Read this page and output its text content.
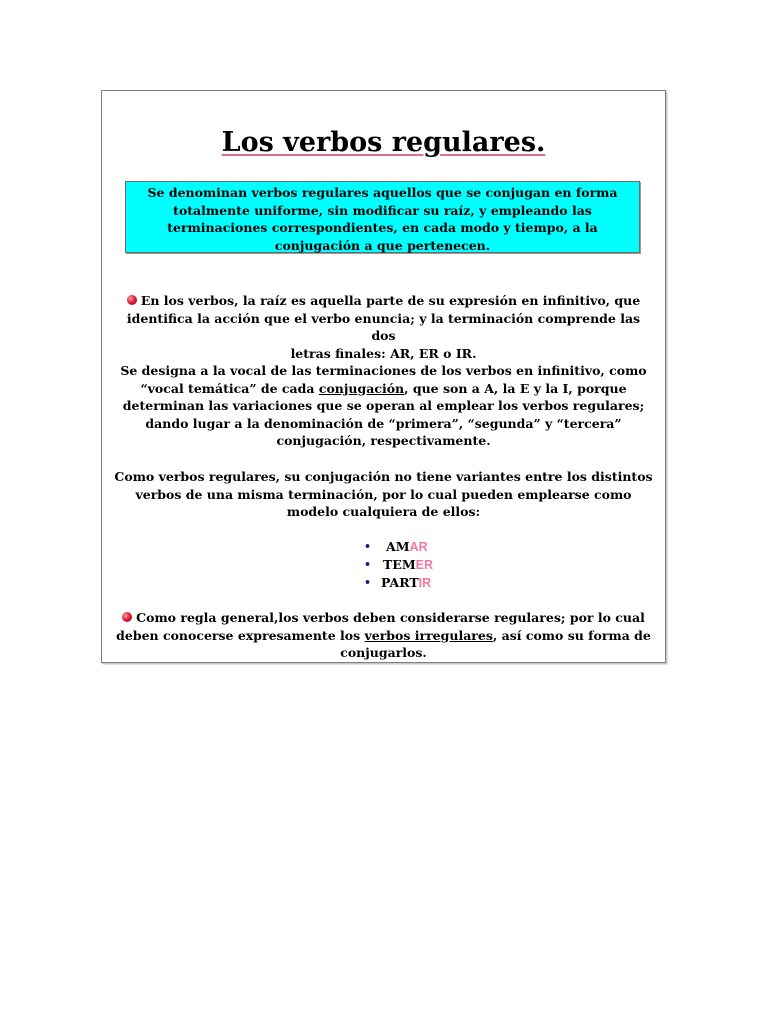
Los verbos regulares.
Se denominan verbos regulares aquellos que se conjugan en forma totalmente uniforme, sin modificar su raíz, y empleando las terminaciones correspondientes, en cada modo y tiempo, a la conjugación a que pertenecen.

En los verbos, la raíz es aquella parte de su expresión en infinitivo, que
identifica la acción que el verbo enuncia; y la terminación comprende las dos
letras finales: AR, ER o IR.

Se designa a la vocal de las terminaciones de los verbos en infinitivo, como “vocal temática” de cada conjugación, que son a A, la E y la I, porque determinan las variaciones que se operan al emplear los verbos regulares; dando lugar a la denominación de “primera”, “segunda” y “tercera” conjugación, respectivamente.

Como verbos regulares, su conjugación no tiene variantes entre los distintos
verbos de una misma terminación, por lo cual pueden emplearse como
modelo cualquiera de ellos:

• AMAR
• TEMER
• PARTIR

Como regla general,los verbos deben considerarse regulares; por lo cual
deben conocerse expresamente los verbos irregulares, así como su forma de
conjugarlos.
